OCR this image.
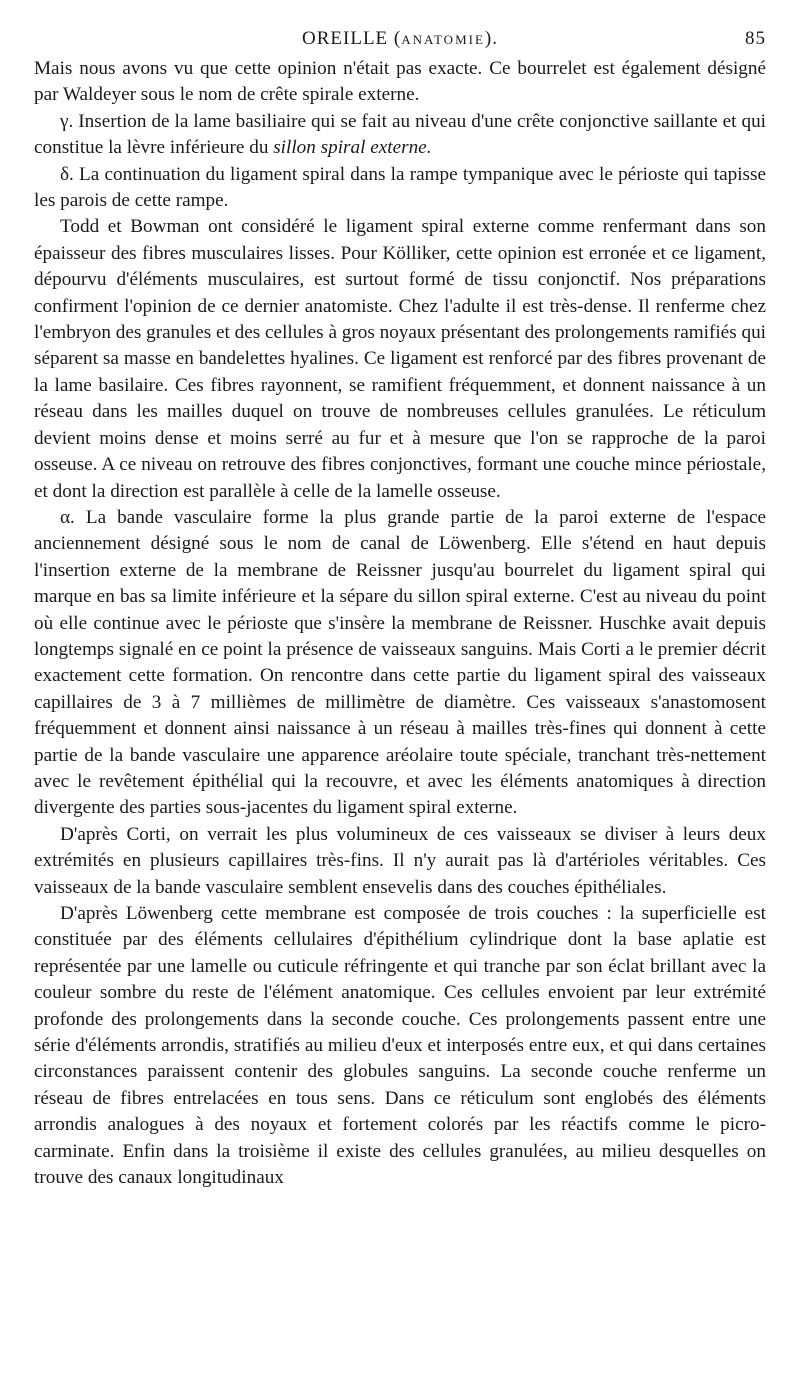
OREILLE (ANATOMIE).	85

Mais nous avons vu que cette opinion n'était pas exacte. Ce bourrelet est également désigné par Waldeyer sous le nom de crête spirale externe.

γ. Insertion de la lame basiliaire qui se fait au niveau d'une crête conjonctive saillante et qui constitue la lèvre inférieure du sillon spiral externe.

δ. La continuation du ligament spiral dans la rampe tympanique avec le périoste qui tapisse les parois de cette rampe.

Todd et Bowman ont considéré le ligament spiral externe comme renfermant dans son épaisseur des fibres musculaires lisses. Pour Kölliker, cette opinion est erronée et ce ligament, dépourvu d'éléments musculaires, est surtout formé de tissu conjonctif. Nos préparations confirment l'opinion de ce dernier anatomiste. Chez l'adulte il est très-dense. Il renferme chez l'embryon des granules et des cellules à gros noyaux présentant des prolongements ramifiés qui séparent sa masse en bandelettes hyalines. Ce ligament est renforcé par des fibres provenant de la lame basilaire. Ces fibres rayonnent, se ramifient fréquemment, et donnent naissance à un réseau dans les mailles duquel on trouve de nombreuses cellules granulées. Le réticulum devient moins dense et moins serré au fur et à mesure que l'on se rapproche de la paroi osseuse. A ce niveau on retrouve des fibres conjonctives, formant une couche mince périostale, et dont la direction est parallèle à celle de la lamelle osseuse.

α. La bande vasculaire forme la plus grande partie de la paroi externe de l'espace anciennement désigné sous le nom de canal de Löwenberg. Elle s'étend en haut depuis l'insertion externe de la membrane de Reissner jusqu'au bourrelet du ligament spiral qui marque en bas sa limite inférieure et la sépare du sillon spiral externe. C'est au niveau du point où elle continue avec le périoste que s'insère la membrane de Reissner. Huschke avait depuis longtemps signalé en ce point la présence de vaisseaux sanguins. Mais Corti a le premier décrit exactement cette formation. On rencontre dans cette partie du ligament spiral des vaisseaux capillaires de 3 à 7 millièmes de millimètre de diamètre. Ces vaisseaux s'anastomosent fréquemment et donnent ainsi naissance à un réseau à mailles très-fines qui donnent à cette partie de la bande vasculaire une apparence aréolaire toute spéciale, tranchant très-nettement avec le revêtement épithélial qui la recouvre, et avec les éléments anatomiques à direction divergente des parties sous-jacentes du ligament spiral externe.

D'après Corti, on verrait les plus volumineux de ces vaisseaux se diviser à leurs deux extrémités en plusieurs capillaires très-fins. Il n'y aurait pas là d'artérioles véritables. Ces vaisseaux de la bande vasculaire semblent ensevelis dans des couches épithéliales.

D'après Löwenberg cette membrane est composée de trois couches : la superficielle est constituée par des éléments cellulaires d'épithélium cylindrique dont la base aplatie est représentée par une lamelle ou cuticule réfringente et qui tranche par son éclat brillant avec la couleur sombre du reste de l'élément anatomique. Ces cellules envoient par leur extrémité profonde des prolongements dans la seconde couche. Ces prolongements passent entre une série d'éléments arrondis, stratifiés au milieu d'eux et interposés entre eux, et qui dans certaines circonstances paraissent contenir des globules sanguins. La seconde couche renferme un réseau de fibres entrelacées en tous sens. Dans ce réticulum sont englobés des éléments arrondis analogues à des noyaux et fortement colorés par les réactifs comme le picro-carminate. Enfin dans la troisième il existe des cellules granulées, au milieu desquelles on trouve des canaux longitudinaux
